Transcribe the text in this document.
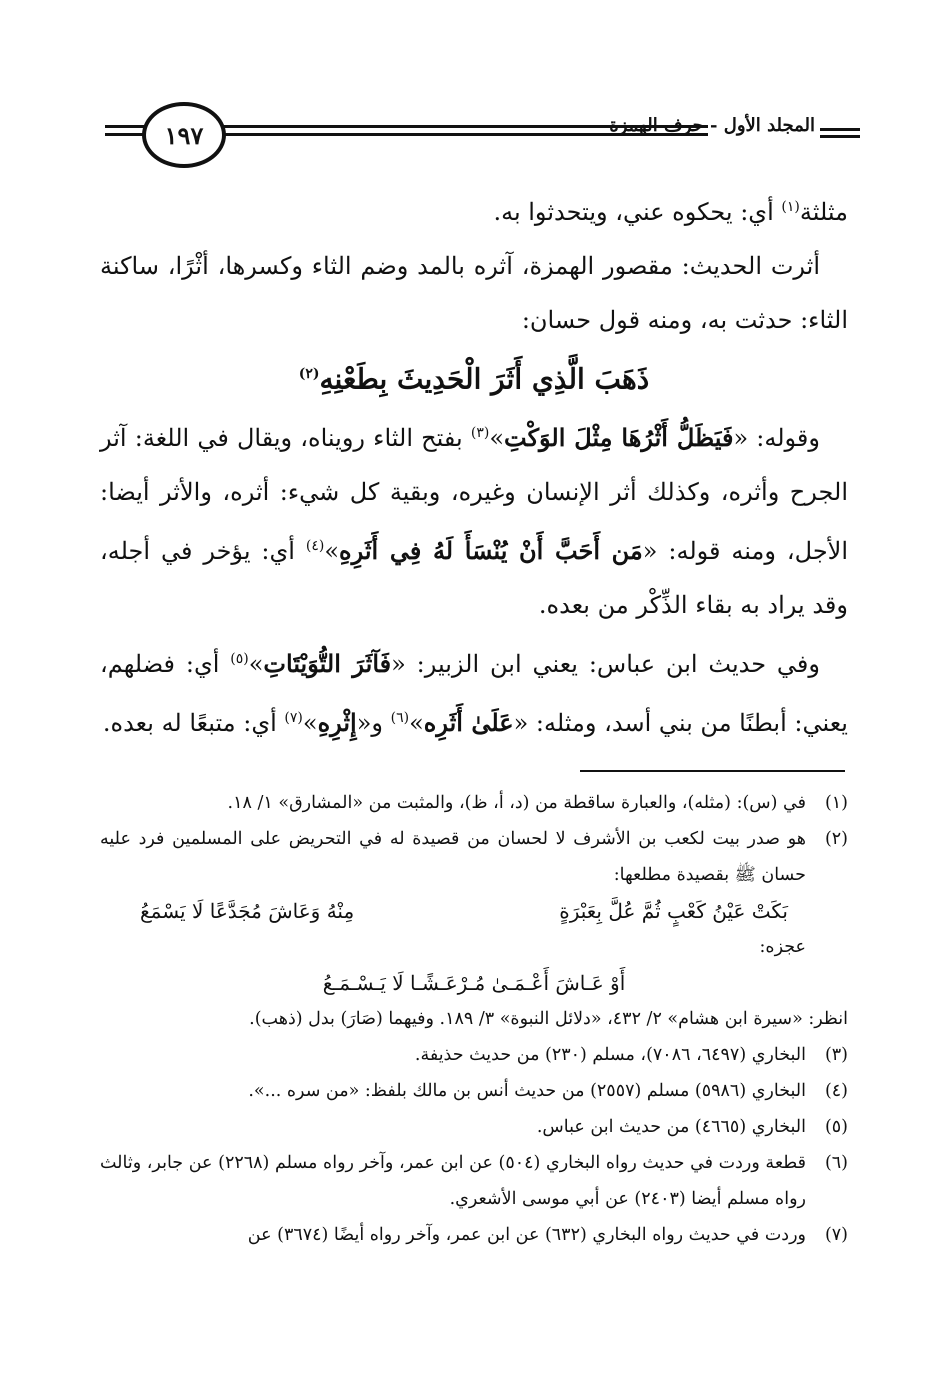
١٩٧	المجلد الأول - حرف الهمزة

مثلثة$^{(١)}$ أي: يحكوه عني، ويتحدثوا به.

أثرت الحديث: مقصور الهمزة، آثره بالمد وضم الثاء وكسرها، أثْرًا، ساكنة الثاء: حدثت به، ومنه قول حسان:

ذَهَبَ الَّذِي أَثَرَ الْحَدِيثَ بِطَعْنِهِ$^{(٢)}$

وقوله: «فَيَظَلُّ أَثْرُهَا مِثْلَ الوَكْتِ»$^{(٣)}$ بفتح الثاء رويناه، ويقال في اللغة: آثر الجرح وأثره، وكذلك أثر الإنسان وغيره، وبقية كل شيء: أثره، والأثر أيضا: الأجل، ومنه قوله: «مَن أَحَبَّ أَنْ يُنْسَأَ لَهُ فِي أَثَرِهِ»$^{(٤)}$ أي: يؤخر في أجله، وقد يراد به بقاء الذِّكْر من بعده.

وفي حديث ابن عباس: يعني ابن الزبير: «فَآثَرَ التُّوَيْتَاتِ»$^{(٥)}$ أي: فضلهم، يعني: أبطنًا من بني أسد، ومثله: «عَلَىٰ أَثَرِه»$^{(٦)}$ و«إِثْرِهِ»$^{(٧)}$ أي: متبعًا له بعده.

(١)
في (س): (مثله)، والعبارة ساقطة من (د، أ، ظ)، والمثبت من «المشارق» ١/ ١٨.
(٢)
هو صدر بيت لكعب بن الأشرف لا لحسان من قصيدة له في التحريض على المسلمين فرد عليه حسان ﷺ بقصيدة مطلعها:
بَكَتْ عَيْنُ كَعْبٍ ثُمَّ عُلَّ بِعَبْرَةٍ
مِنْهُ وَعَاشَ مُجَدَّعًا لَا يَسْمَعُ
عجزه:
أَوْ عَـاشَ أَعْـمَـىٰ مُـرْعَـشًـا لَا يَـسْـمَـعُ
انظر: «سيرة ابن هشام» ٢/ ٤٣٢، «دلائل النبوة» ٣/ ١٨٩. وفيهما (صَارَ) بدل (ذهب).
(٣)
البخاري (٦٤٩٧، ٧٠٨٦)، مسلم (٢٣٠) من حديث حذيفة.
(٤)
البخاري (٥٩٨٦) مسلم (٢٥٥٧) من حديث أنس بن مالك بلفظ: «من سره ...».
(٥)
البخاري (٤٦٦٥) من حديث ابن عباس.
(٦)
قطعة وردت في حديث رواه البخاري (٥٠٤) عن ابن عمر، وآخر رواه مسلم (٢٢٦٨) عن جابر، وثالث رواه مسلم أيضا (٢٤٠٣) عن أبي موسى الأشعري.
(٧)
وردت في حديث رواه البخاري (٦٣٢) عن ابن عمر، وآخر رواه أيضًا (٣٦٧٤) عن
